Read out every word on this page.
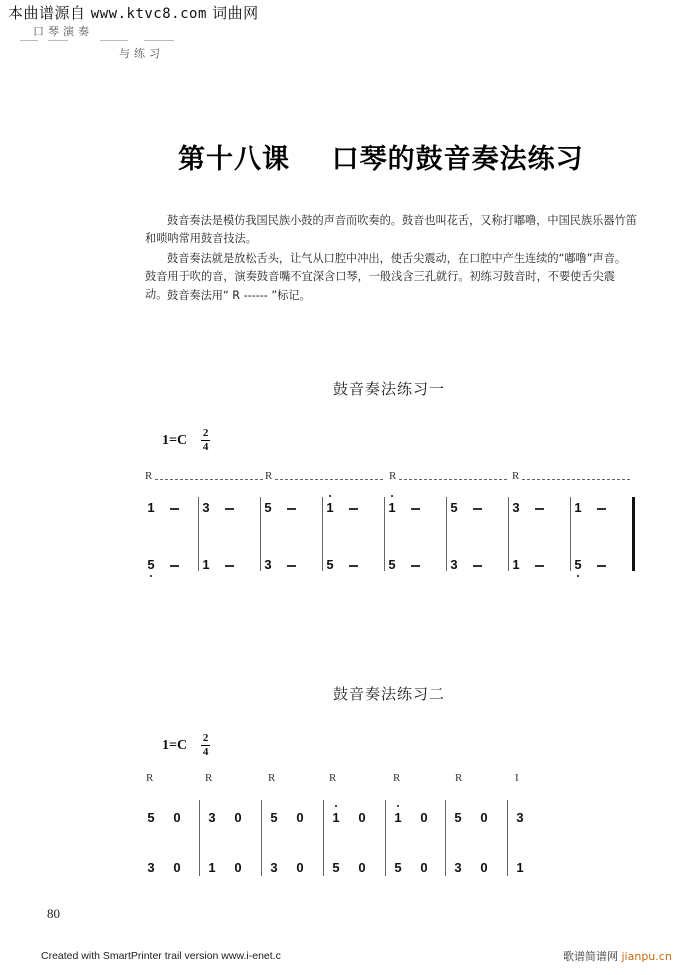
本曲谱源自 www.ktvc8.com 词曲网
口琴演奏
与练习
第十八课    口琴的鼓音奏法练习
鼓音奏法是模仿我国民族小鼓的声音而吹奏的。鼓音也叫花舌，又称打嘟噜，中国民族乐器竹笛和唢呐常用鼓音技法。
鼓音奏法就是放松舌头，让气从口腔中冲出，使舌尖震动，在口腔中产生连续的“嘟噜”声音。鼓音用于吹的音，演奏鼓音嘴不宜深含口琴，一般浅含三孔就行。初练习鼓音时，不要使舌尖震动。 鼓音奏法用“ R ------ ”标记。
鼓音奏法练习一
$1=C \frac{2}{4}$
鼓音奏法练习二
$1=C \frac{2}{4}$
80
Created with SmartPrinter trail version www.i-enet.c	歌谱简谱网 jianpu.cn
R	R	R	R
1	3	5	1	1	5	3	1
5	1	3	5	5	3	1	5
R	R	R	R	R	R	I
5 0 3 0 5 0 1 0 1 0 5 0 3
3 0 1 0 3 0 5 0 5 0 3 0 1
